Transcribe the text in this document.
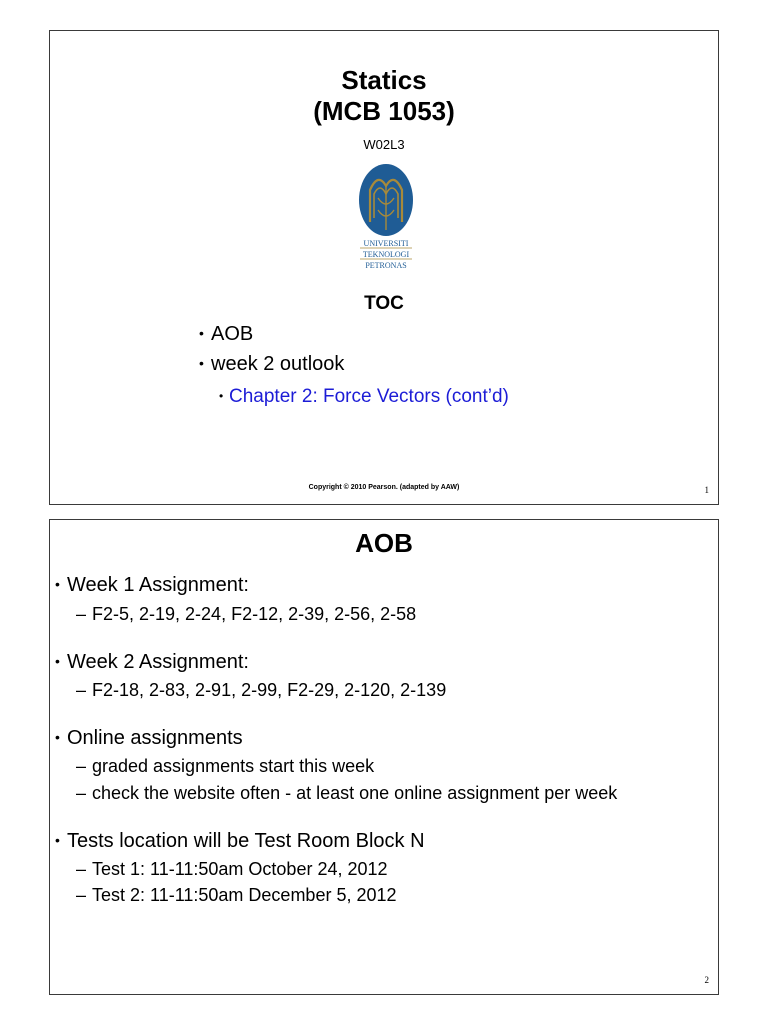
Statics
(MCB 1053)
W02L3
UNIVERSITI
TEKNOLOGI
PETRONAS
TOC
• AOB
• week 2 outlook
• Chapter 2: Force Vectors (cont’d)
Copyright © 2010 Pearson. (adapted by AAW)	1
AOB
• Week 1 Assignment:
– F2-5, 2-19, 2-24, F2-12, 2-39, 2-56, 2-58
• Week 2 Assignment:
– F2-18, 2-83, 2-91, 2-99, F2-29, 2-120, 2-139
• Online assignments
– graded assignments start this week
– check the website often - at least one online assignment per week
• Tests location will be Test Room Block N
– Test 1: 11-11:50am October 24, 2012
– Test 2: 11-11:50am December 5, 2012
2
